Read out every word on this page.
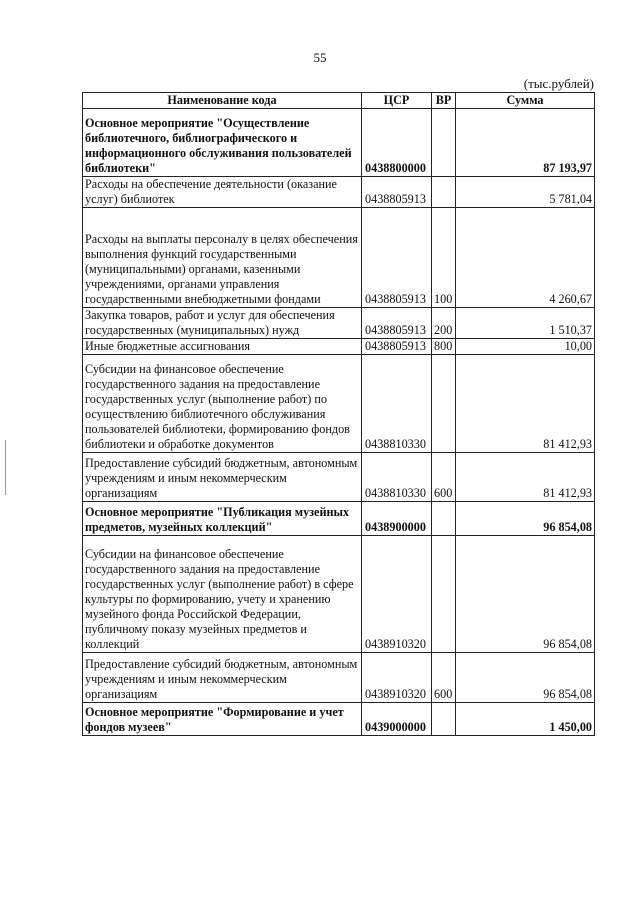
55
(тыс.рублей)
Наименование кода	ЦСР	ВР	Сумма
Основное мероприятие "Осуществление библиотечного, библиографического и информационного обслуживания пользователей библиотеки"	0438800000		87 193,97
Расходы на обеспечение деятельности (оказание услуг) библиотек	0438805913		5 781,04
Расходы на выплаты персоналу в целях обеспечения выполнения функций государственными (муниципальными) органами, казенными учреждениями, органами управления государственными внебюджетными фондами	0438805913	100	4 260,67
Закупка товаров, работ и услуг для обеспечения государственных (муниципальных) нужд	0438805913	200	1 510,37
Иные бюджетные ассигнования	0438805913	800	10,00
Субсидии на финансовое обеспечение государственного задания на предоставление государственных услуг (выполнение работ) по осуществлению библиотечного обслуживания пользователей библиотеки, формированию фондов библиотеки и обработке документов	0438810330		81 412,93
Предоставление субсидий бюджетным, автономным учреждениям и иным некоммерческим организациям	0438810330	600	81 412,93
Основное мероприятие "Публикация музейных предметов, музейных коллекций"	0438900000		96 854,08
Субсидии на финансовое обеспечение государственного задания на предоставление государственных услуг (выполнение работ) в сфере культуры по формированию, учету и хранению музейного фонда Российской Федерации, публичному показу музейных предметов и коллекций	0438910320		96 854,08
Предоставление субсидий бюджетным, автономным учреждениям и иным некоммерческим организациям	0438910320	600	96 854,08
Основное мероприятие "Формирование и учет фондов музеев"	0439000000		1 450,00
